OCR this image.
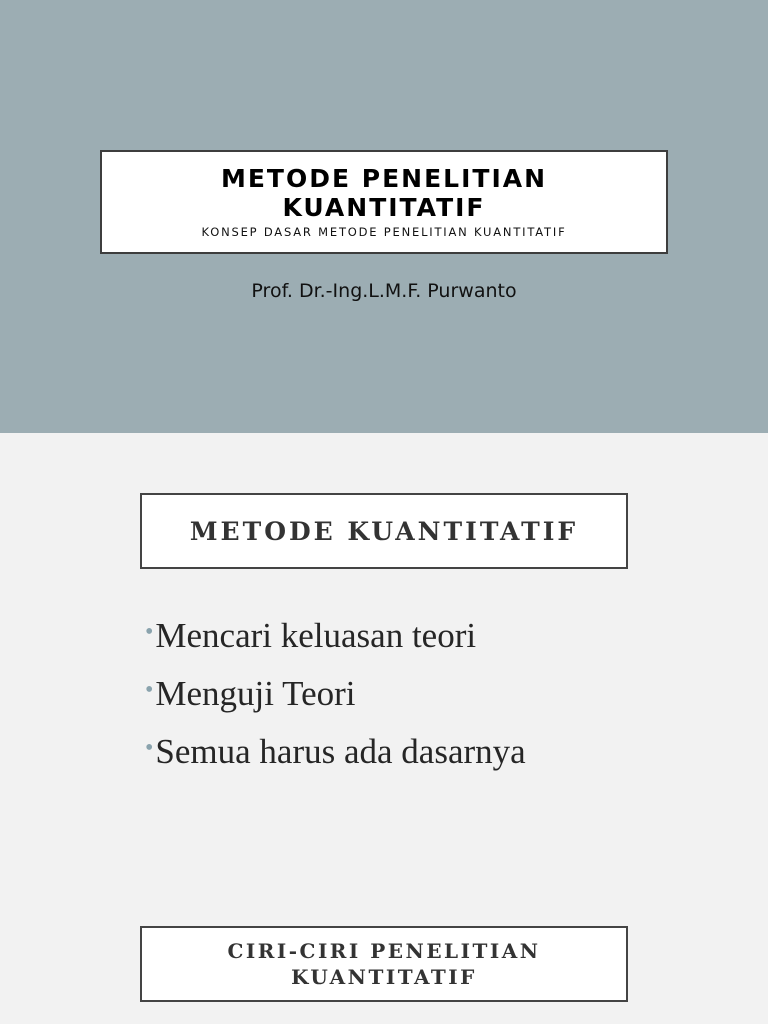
METODE PENELITIAN
KUANTITATIF
KONSEP DASAR METODE PENELITIAN KUANTITATIF
Prof. Dr.-Ing.L.M.F. Purwanto
METODE KUANTITATIF
•Mencari keluasan teori
•Menguji Teori
•Semua harus ada dasarnya
CIRI-CIRI PENELITIAN
KUANTITATIF
